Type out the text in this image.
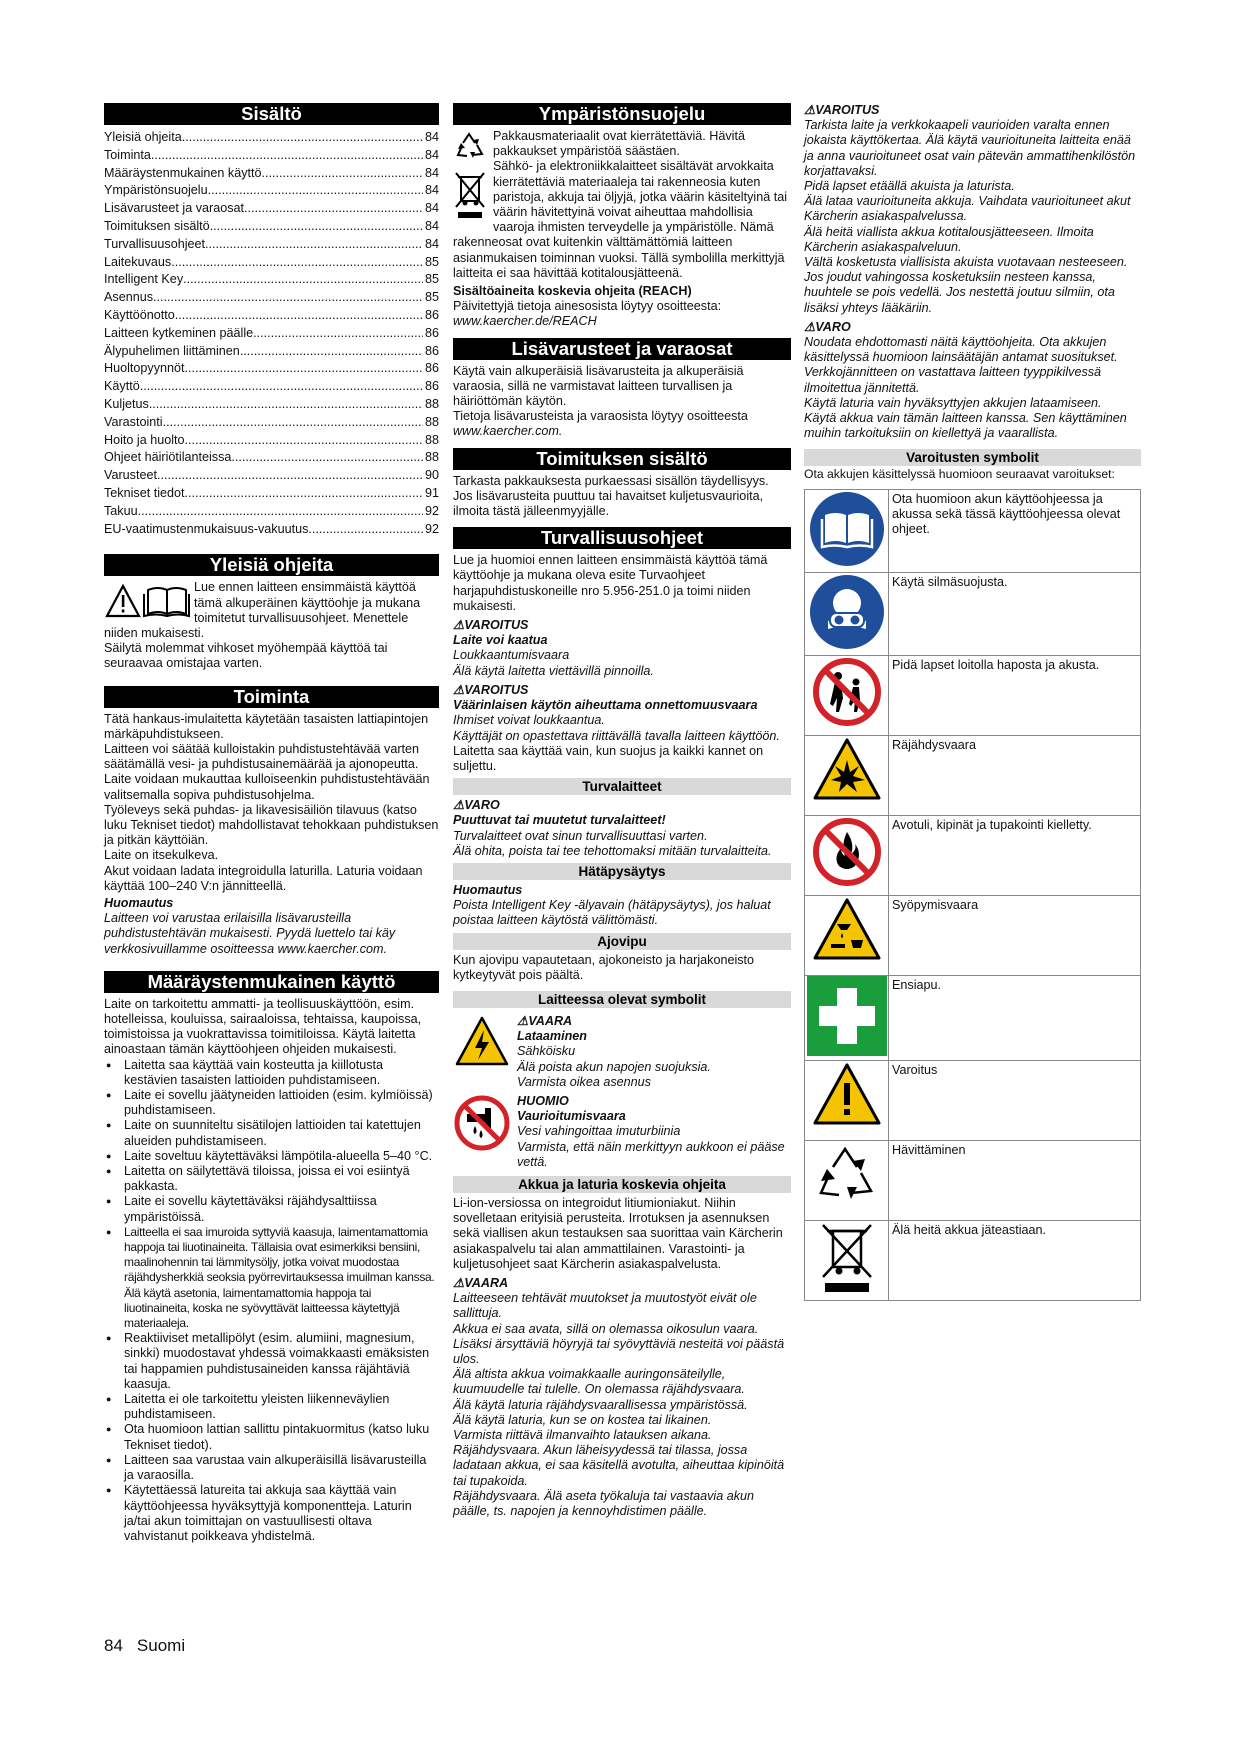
Sisältö
Yleisiä ohjeita .....	84
Toiminta .....	84
Määräystenmukainen käyttö .....	84
Ympäristönsuojelu .....	84
Lisävarusteet ja varaosat .....	84
Toimituksen sisältö .....	84
Turvallisuusohjeet .....	84
Laitekuvaus .....	85
Intelligent Key .....	85
Asennus .....	85
Käyttöönotto .....	86
Laitteen kytkeminen päälle .....	86
Älypuhelimen liittäminen .....	86
Huoltopyynnöt .....	86
Käyttö .....	86
Kuljetus .....	88
Varastointi .....	88
Hoito ja huolto .....	88
Ohjeet häiriötilanteissa .....	88
Varusteet .....	90
Tekniset tiedot .....	91
Takuu .....	92
EU-vaatimustenmukaisuus-vakuutus .....	92
Yleisiä ohjeita

Lue ennen laitteen ensimmäistä käyttöä tämä alkuperäinen käyttöohje ja mukana toimitetut turvallisuusohjeet. Menettele niiden mukaisesti.

Säilytä molemmat vihkoset myöhempää käyttöä tai seuraavaa omistajaa varten.

Toiminta

Tätä hankaus-imulaitetta käytetään tasaisten lattiapintojen märkäpuhdistukseen.

Laitteen voi säätää kulloistakin puhdistustehtävää varten säätämällä vesi- ja puhdistusainemäärää ja ajonopeutta.

Laite voidaan mukauttaa kulloiseenkin puhdistustehtävään valitsemalla sopiva puhdistusohjelma.

Työleveys sekä puhdas- ja likavesisäiliön tilavuus (katso luku Tekniset tiedot) mahdollistavat tehokkaan puhdistuksen ja pitkän käyttöiän.

Laite on itsekulkeva.

Akut voidaan ladata integroidulla laturilla. Laturia voidaan käyttää 100–240 V:n jännitteellä.

Huomautus

Laitteen voi varustaa erilaisilla lisävarusteilla puhdistustehtävän mukaisesti. Pyydä luettelo tai käy verkkosivuillamme osoitteessa www.kaercher.com.

Määräystenmukainen käyttö

Laite on tarkoitettu ammatti- ja teollisuuskäyttöön, esim. hotelleissa, kouluissa, sairaaloissa, tehtaissa, kaupoissa, toimistoissa ja vuokrattavissa toimitiloissa. Käytä laitetta ainoastaan tämän käyttöohjeen ohjeiden mukaisesti.

● Laitetta saa käyttää vain kosteutta ja kiillotusta kestävien tasaisten lattioiden puhdistamiseen.
● Laite ei sovellu jäätyneiden lattioiden (esim. kylmiöissä) puhdistamiseen.
● Laite on suunniteltu sisätilojen lattioiden tai katettujen alueiden puhdistamiseen.
● Laite soveltuu käytettäväksi lämpötila-alueella 5–40 °C.
● Laitetta on säilytettävä tiloissa, joissa ei voi esiintyä pakkasta.
● Laite ei sovellu käytettäväksi räjähdysalttiissa ympäristöissä.
● Laitteella ei saa imuroida syttyviä kaasuja, laimentamattomia happoja tai liuotinaineita. Tällaisia ovat esimerkiksi bensiini, maalinohennin tai lämmitysöljy, jotka voivat muodostaa räjähdysherkkiä seoksia pyörrevirtauksessa imuilman kanssa. Älä käytä asetonia, laimentamattomia happoja tai liuotinaineita, koska ne syövyttävät laitteessa käytettyjä materiaaleja.
● Reaktiiviset metallipölyt (esim. alumiini, magnesium, sinkki) muodostavat yhdessä voimakkaasti emäksisten tai happamien puhdistusaineiden kanssa räjähtäviä kaasuja.
● Laitetta ei ole tarkoitettu yleisten liikenneväylien puhdistamiseen.
● Ota huomioon lattian sallittu pintakuormitus (katso luku Tekniset tiedot).
● Laitteen saa varustaa vain alkuperäisillä lisävarusteilla ja varaosilla.
● Käytettäessä latureita tai akkuja saa käyttää vain käyttöohjeessa hyväksyttyjä komponentteja. Laturin ja/tai akun toimittajan on vastuullisesti oltava vahvistanut poikkeava yhdistelmä.
Ympäristönsuojelu

Pakkausmateriaalit ovat kierrätettäviä. Hävitä pakkaukset ympäristöä säästäen.

Sähkö- ja elektroniikkalaitteet sisältävät arvokkaita kierrätettäviä materiaaleja tai rakenneosia kuten paristoja, akkuja tai öljyjä, jotka väärin käsiteltyinä tai väärin hävitettyinä voivat aiheuttaa mahdollisia vaaroja ihmisten terveydelle ja ympäristölle. Nämä rakenneosat ovat kuitenkin välttämättömiä laitteen asianmukaisen toiminnan vuoksi. Tällä symbolilla merkittyjä laitteita ei saa hävittää kotitalousjätteenä.

Sisältöaineita koskevia ohjeita (REACH)

Päivitettyjä tietoja ainesosista löytyy osoitteesta:

www.kaercher.de/REACH

Lisävarusteet ja varaosat

Käytä vain alkuperäisiä lisävarusteita ja alkuperäisiä varaosia, sillä ne varmistavat laitteen turvallisen ja häiriöttömän käytön.

Tietoja lisävarusteista ja varaosista löytyy osoitteesta

www.kaercher.com.

Toimituksen sisältö

Tarkasta pakkauksesta purkaessasi sisällön täydellisyys. Jos lisävarusteita puuttuu tai havaitset kuljetusvaurioita, ilmoita tästä jälleenmyyjälle.

Turvallisuusohjeet

Lue ja huomioi ennen laitteen ensimmäistä käyttöä tämä käyttöohje ja mukana oleva esite Turvaohjeet harjapuhdistuskoneille nro 5.956-251.0 ja toimi niiden mukaisesti.

⚠VAROITUS

Laite voi kaatua

Loukkaantumisvaara

Älä käytä laitetta viettävillä pinnoilla.

⚠VAROITUS

Väärinlaisen käytön aiheuttama onnettomuusvaara

Ihmiset voivat loukkaantua.

Käyttäjät on opastettava riittävällä tavalla laitteen käyttöön.

Laitetta saa käyttää vain, kun suojus ja kaikki kannet on suljettu.

Turvalaitteet

⚠VARO

Puuttuvat tai muutetut turvalaitteet!

Turvalaitteet ovat sinun turvallisuuttasi varten.

Älä ohita, poista tai tee tehottomaksi mitään turvalaitteita.

Hätäpysäytys

Huomautus

Poista Intelligent Key -älyavain (hätäpysäytys), jos haluat poistaa laitteen käytöstä välittömästi.

Ajovipu

Kun ajovipu vapautetaan, ajokoneisto ja harjakoneisto kytkeytyvät pois päältä.

Laitteessa olevat symbolit

⚠VAARA

Lataaminen

Sähköisku

Älä poista akun napojen suojuksia.

Varmista oikea asennus

HUOMIO

Vaurioitumisvaara

Vesi vahingoittaa imuturbiinia

Varmista, että näin merkittyyn aukkoon ei pääse vettä.

Akkua ja laturia koskevia ohjeita

Li-ion-versiossa on integroidut litiumioniakut. Niihin sovelletaan erityisiä perusteita. Irrotuksen ja asennuksen sekä viallisen akun testauksen saa suorittaa vain Kärcherin asiakaspalvelu tai alan ammattilainen. Varastointi- ja kuljetusohjeet saat Kärcherin asiakaspalvelusta.

⚠VAARA

Laitteeseen tehtävät muutokset ja muutostyöt eivät ole sallittuja.

Akkua ei saa avata, sillä on olemassa oikosulun vaara. Lisäksi ärsyttäviä höyryjä tai syövyttäviä nesteitä voi päästä ulos.

Älä altista akkua voimakkaalle auringonsäteilylle, kuumuudelle tai tulelle. On olemassa räjähdysvaara.

Älä käytä laturia räjähdysvaarallisessa ympäristössä.

Älä käytä laturia, kun se on kostea tai likainen.

Varmista riittävä ilmanvaihto latauksen aikana.

Räjähdysvaara. Akun läheisyydessä tai tilassa, jossa ladataan akkua, ei saa käsitellä avotulta, aiheuttaa kipinöitä tai tupakoida.

Räjähdysvaara. Älä aseta työkaluja tai vastaavia akun päälle, ts. napojen ja kennoyhdistimen päälle.

⚠VAROITUS

Tarkista laite ja verkkokaapeli vaurioiden varalta ennen jokaista käyttökertaa. Älä käytä vaurioituneita laitteita enää ja anna vaurioituneet osat vain pätevän ammattihenkilöstön korjattavaksi.

Pidä lapset etäällä akuista ja laturista.

Älä lataa vaurioituneita akkuja. Vaihdata vaurioituneet akut Kärcherin asiakaspalvelussa.

Älä heitä viallista akkua kotitalousjätteeseen. Ilmoita Kärcherin asiakaspalveluun.

Vältä kosketusta viallisista akuista vuotavaan nesteeseen. Jos joudut vahingossa kosketuksiin nesteen kanssa, huuhtele se pois vedellä. Jos nestettä joutuu silmiin, ota lisäksi yhteys lääkäriin.

⚠VARO

Noudata ehdottomasti näitä käyttöohjeita. Ota akkujen käsittelyssä huomioon lainsäätäjän antamat suositukset.

Verkkojännitteen on vastattava laitteen tyyppikilvessä ilmoitettua jännitettä.

Käytä laturia vain hyväksyttyjen akkujen lataamiseen.

Käytä akkua vain tämän laitteen kanssa. Sen käyttäminen muihin tarkoituksiin on kiellettyä ja vaarallista.

Varoitusten symbolit

Ota akkujen käsittelyssä huomioon seuraavat varoitukset:

	Ota huomioon akun käyttöohjeessa ja akussa sekä tässä käyttöohjeessa olevat ohjeet.
	Käytä silmäsuojusta.
	Pidä lapset loitolla haposta ja akusta.
	Räjähdysvaara
	Avotuli, kipinät ja tupakointi kielletty.
	Syöpymisvaara
	Ensiapu.
	Varoitus
	Hävittäminen
	Älä heitä akkua jäteastiaan.
84 Suomi
